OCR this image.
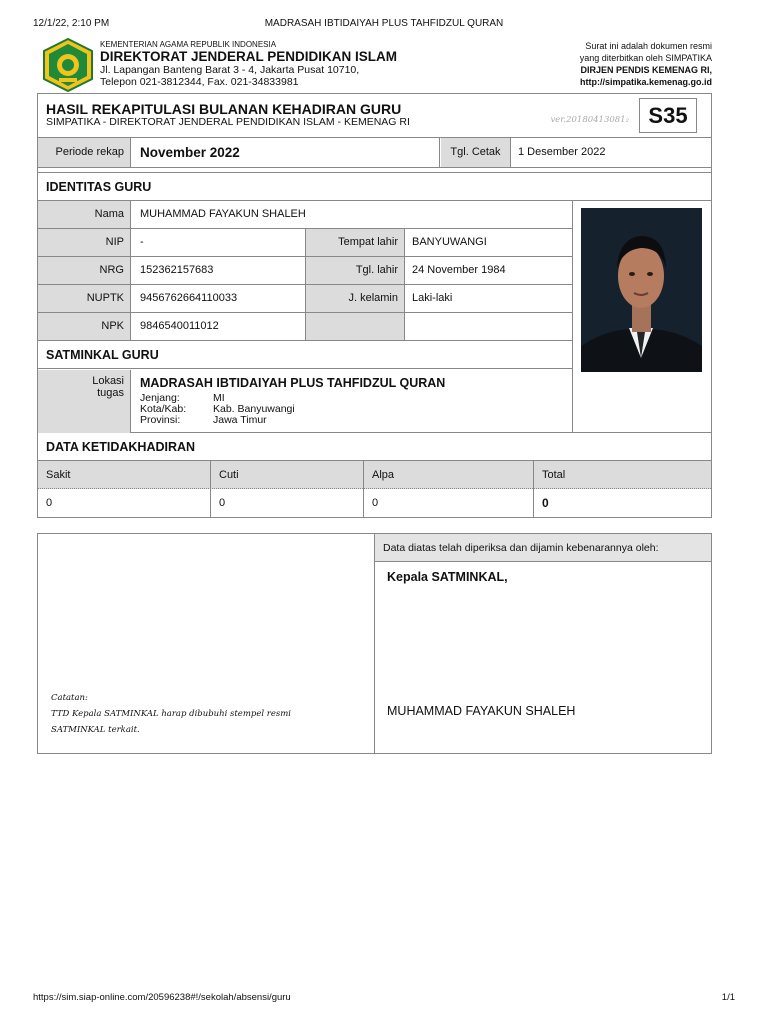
12/1/22, 2:10 PM	MADRASAH IBTIDAIYAH PLUS TAHFIDZUL QURAN
KEMENTERIAN AGAMA REPUBLIK INDONESIA
DIREKTORAT JENDERAL PENDIDIKAN ISLAM
Jl. Lapangan Banteng Barat 3 - 4, Jakarta Pusat 10710,
Telepon 021-3812344, Fax. 021-34833981
Surat ini adalah dokumen resmi
yang diterbitkan oleh SIMPATIKA
DIRJEN PENDIS KEMENAG RI,
http://simpatika.kemenag.go.id
HASIL REKAPITULASI BULANAN KEHADIRAN GURU
SIMPATIKA - DIREKTORAT JENDERAL PENDIDIKAN ISLAM - KEMENAG RI	ver.20180413081₂ S35
Periode rekap	November 2022	Tgl. Cetak	1 Desember 2022
IDENTITAS GURU
Nama	MUHAMMAD FAYAKUN SHALEH
NIP	-	Tempat lahir	BANYUWANGI
NRG	152362157683	Tgl. lahir	24 November 1984
NUPTK	9456762664110033	J. kelamin	Laki-laki
NPK	9846540011012
SATMINKAL GURU
Lokasi
tugas
MADRASAH IBTIDAIYAH PLUS TAHFIDZUL QURAN
Jenjang:	MI
Kota/Kab:	Kab. Banyuwangi
Provinsi:	Jawa Timur
DATA KETIDAKHADIRAN
Sakit	Cuti	Alpa	Total
0	0	0	0
Catatan:
TTD Kepala SATMINKAL harap dibubuhi stempel resmi
SATMINKAL terkait.
Data diatas telah diperiksa dan dijamin kebenarannya oleh:
Kepala SATMINKAL,
MUHAMMAD FAYAKUN SHALEH
https://sim.siap-online.com/20596238#!/sekolah/absensi/guru	1/1
